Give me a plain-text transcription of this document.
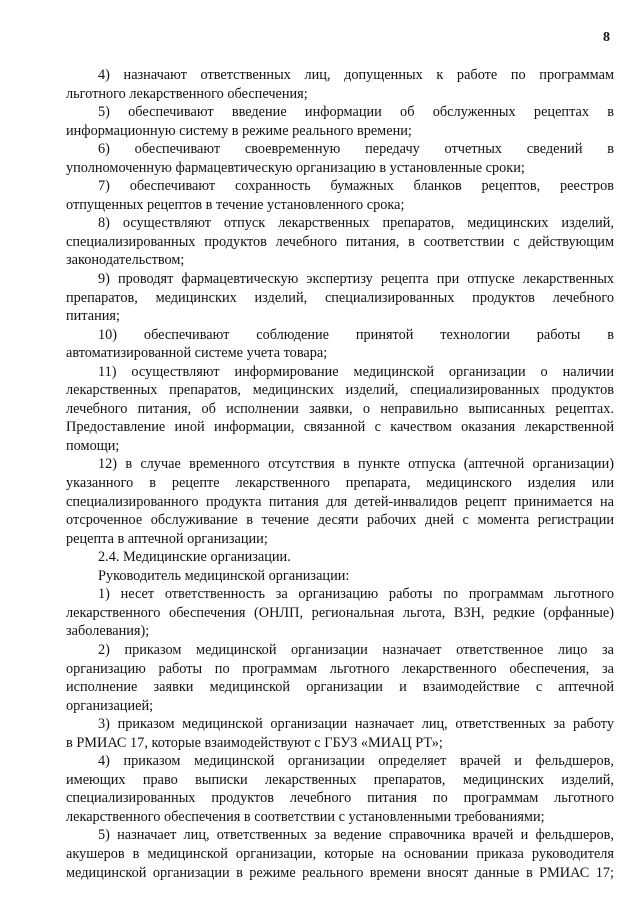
8
4) назначают ответственных лиц, допущенных к работе по программам
льготного лекарственного обеспечения;
5) обеспечивают введение информации об обслуженных рецептах в
информационную систему в режиме реального времени;
6) обеспечивают своевременную передачу отчетных сведений в
уполномоченную фармацевтическую организацию в установленные сроки;
7) обеспечивают сохранность бумажных бланков рецептов, реестров
отпущенных рецептов в течение установленного срока;
8) осуществляют отпуск лекарственных препаратов, медицинских изделий,
специализированных продуктов лечебного питания, в соответствии с действующим
законодательством;
9) проводят фармацевтическую экспертизу рецепта при отпуске лекарственных
препаратов, медицинских изделий, специализированных продуктов лечебного
питания;
10) обеспечивают соблюдение принятой технологии работы в
автоматизированной системе учета товара;
11) осуществляют информирование медицинской организации о наличии
лекарственных препаратов, медицинских изделий, специализированных продуктов
лечебного питания, об исполнении заявки, о неправильно выписанных рецептах.
Предоставление иной информации, связанной с качеством оказания лекарственной
помощи;
12) в случае временного отсутствия в пункте отпуска (аптечной организации)
указанного в рецепте лекарственного препарата, медицинского изделия или
специализированного продукта питания для детей-инвалидов рецепт принимается на
отсроченное обслуживание в течение десяти рабочих дней с момента регистрации
рецепта в аптечной организации;
2.4. Медицинские организации.
Руководитель медицинской организации:
1) несет ответственность за организацию работы по программам льготного
лекарственного обеспечения (ОНЛП, региональная льгота, ВЗН, редкие (орфанные)
заболевания);
2) приказом медицинской организации назначает ответственное лицо за
организацию работы по программам льготного лекарственного обеспечения, за
исполнение заявки медицинской организации и взаимодействие с аптечной
организацией;
3) приказом медицинской организации назначает лиц, ответственных за работу
в РМИАС 17, которые взаимодействуют с ГБУЗ «МИАЦ РТ»;
4) приказом медицинской организации определяет врачей и фельдшеров,
имеющих право выписки лекарственных препаратов, медицинских изделий,
специализированных продуктов лечебного питания по программам льготного
лекарственного обеспечения в соответствии с установленными требованиями;
5) назначает лиц, ответственных за ведение справочника врачей и фельдшеров,
акушеров в медицинской организации, которые на основании приказа руководителя
медицинской организации в режиме реального времени вносят данные в РМИАС 17;
